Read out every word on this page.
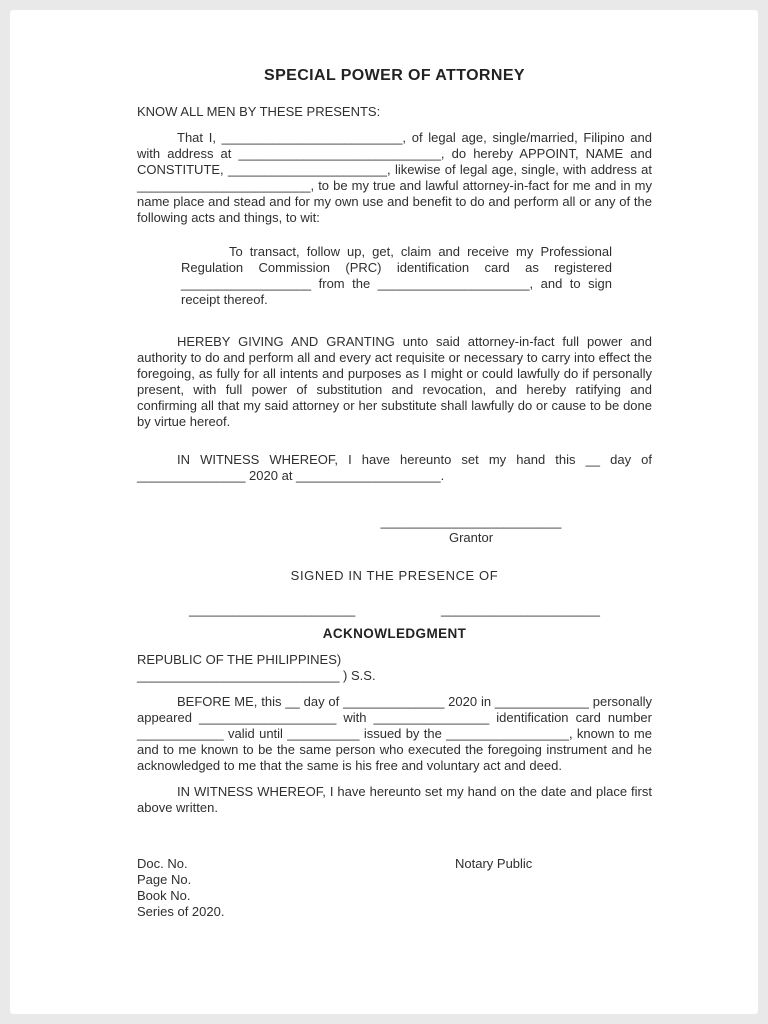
SPECIAL POWER OF ATTORNEY
KNOW ALL MEN BY THESE PRESENTS:
That I, _________________________, of legal age, single/married, Filipino and with address at ____________________________, do hereby APPOINT, NAME and CONSTITUTE, ______________________, likewise of legal age, single, with address at ________________________, to be my true and lawful attorney-in-fact for me and in my name place and stead and for my own use and benefit to do and perform all or any of the following acts and things, to wit:
To transact, follow up, get, claim and receive my Professional Regulation Commission (PRC) identification card as registered __________________ from the _____________________, and to sign receipt thereof.
HEREBY GIVING AND GRANTING unto said attorney-in-fact full power and authority to do and perform all and every act requisite or necessary to carry into effect the foregoing, as fully for all intents and purposes as I might or could lawfully do if personally present, with full power of substitution and revocation, and hereby ratifying and confirming all that my said attorney or her substitute shall lawfully do or cause to be done by virtue hereof.
IN WITNESS WHEREOF, I have hereunto set my hand this __ day of _______________ 2020 at ____________________.
_________________________
Grantor
SIGNED IN THE PRESENCE OF
_______________________	______________________
ACKNOWLEDGMENT
REPUBLIC OF THE PHILIPPINES)
____________________________ ) S.S.
BEFORE ME, this __ day of ______________ 2020 in _____________ personally appeared ___________________ with ________________ identification card number ____________ valid until __________ issued by the _________________, known to me and to me known to be the same person who executed the foregoing instrument and he acknowledged to me that the same is his free and voluntary act and deed.
IN WITNESS WHEREOF, I have hereunto set my hand on the date and place first above written.
Doc. No.
Page No.
Book No.
Series of 2020.
Notary Public
